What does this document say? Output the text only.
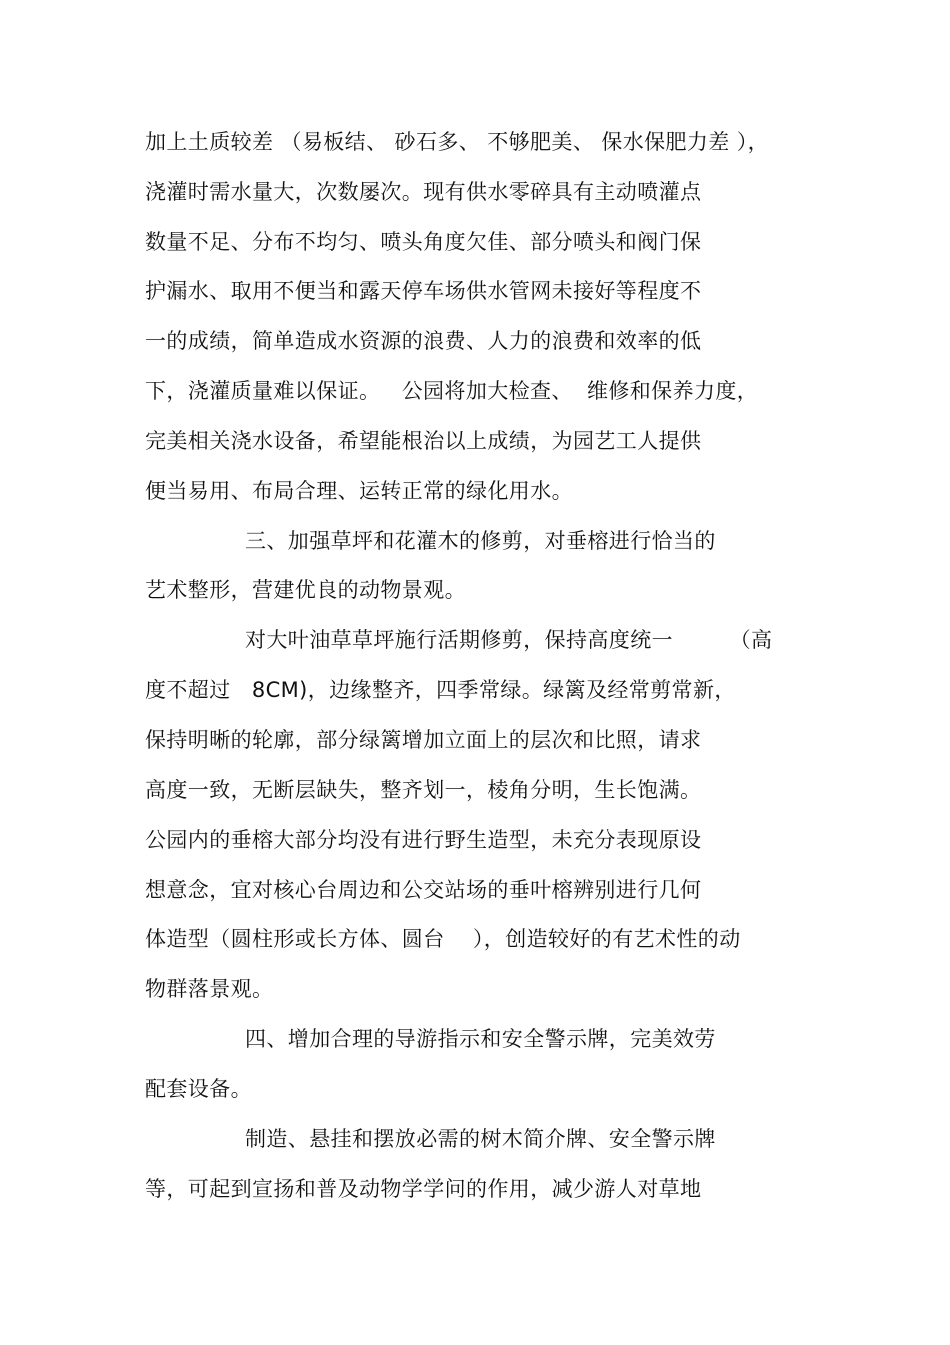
加上土质较差 （易板结、 砂石多、 不够肥美、 保水保肥力差 ），
浇灌时需水量大，次数屡次。现有供水零碎具有主动喷灌点
数量不足、分布不均匀、喷头角度欠佳、部分喷头和阀门保
护漏水、取用不便当和露天停车场供水管网未接好等程度不
一的成绩，简单造成水资源的浪费、人力的浪费和效率的低
下，浇灌质量难以保证。   公园将加大检查、  维修和保养力度，
完美相关浇水设备，希望能根治以上成绩，为园艺工人提供
便当易用、布局合理、运转正常的绿化用水。
三、加强草坪和花灌木的修剪，对垂榕进行恰当的
艺术整形，营建优良的动物景观。
对大叶油草草坪施行活期修剪，保持高度统一        （高
度不超过   8CM)，边缘整齐，四季常绿。绿篱及经常剪常新，
保持明晰的轮廓，部分绿篱增加立面上的层次和比照，请求
高度一致，无断层缺失，整齐划一，棱角分明，生长饱满。
公园内的垂榕大部分均没有进行野生造型，未充分表现原设
想意念，宜对核心台周边和公交站场的垂叶榕辨别进行几何
体造型（圆柱形或长方体、圆台    ），创造较好的有艺术性的动
物群落景观。
四、增加合理的导游指示和安全警示牌，完美效劳
配套设备。
制造、悬挂和摆放必需的树木简介牌、安全警示牌
等，可起到宣扬和普及动物学学问的作用，减少游人对草地
